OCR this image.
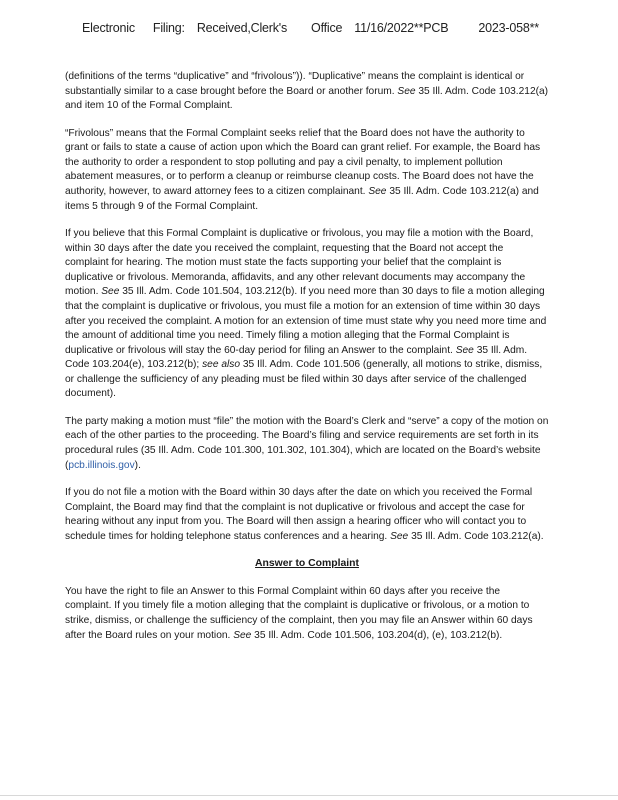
Electronic Filing: Received,Clerk's Office 11/16/2022**PCB 2023-058**

(definitions of the terms “duplicative” and “frivolous”)). “Duplicative” means the complaint is identical or substantially similar to a case brought before the Board or another forum. See 35 Ill. Adm. Code 103.212(a) and item 10 of the Formal Complaint.

“Frivolous” means that the Formal Complaint seeks relief that the Board does not have the authority to grant or fails to state a cause of action upon which the Board can grant relief. For example, the Board has the authority to order a respondent to stop polluting and pay a civil penalty, to implement pollution abatement measures, or to perform a cleanup or reimburse cleanup costs. The Board does not have the authority, however, to award attorney fees to a citizen complainant. See 35 Ill. Adm. Code 103.212(a) and items 5 through 9 of the Formal Complaint.

If you believe that this Formal Complaint is duplicative or frivolous, you may file a motion with the Board, within 30 days after the date you received the complaint, requesting that the Board not accept the complaint for hearing. The motion must state the facts supporting your belief that the complaint is duplicative or frivolous. Memoranda, affidavits, and any other relevant documents may accompany the motion. See 35 Ill. Adm. Code 101.504, 103.212(b). If you need more than 30 days to file a motion alleging that the complaint is duplicative or frivolous, you must file a motion for an extension of time within 30 days after you received the complaint. A motion for an extension of time must state why you need more time and the amount of additional time you need. Timely filing a motion alleging that the Formal Complaint is duplicative or frivolous will stay the 60-day period for filing an Answer to the complaint. See 35 Ill. Adm. Code 103.204(e), 103.212(b); see also 35 Ill. Adm. Code 101.506 (generally, all motions to strike, dismiss, or challenge the sufficiency of any pleading must be filed within 30 days after service of the challenged document).

The party making a motion must “file” the motion with the Board’s Clerk and “serve” a copy of the motion on each of the other parties to the proceeding. The Board’s filing and service requirements are set forth in its procedural rules (35 Ill. Adm. Code 101.300, 101.302, 101.304), which are located on the Board’s website (pcb.illinois.gov).

If you do not file a motion with the Board within 30 days after the date on which you received the Formal Complaint, the Board may find that the complaint is not duplicative or frivolous and accept the case for hearing without any input from you. The Board will then assign a hearing officer who will contact you to schedule times for holding telephone status conferences and a hearing. See 35 Ill. Adm. Code 103.212(a).

Answer to Complaint

You have the right to file an Answer to this Formal Complaint within 60 days after you receive the complaint. If you timely file a motion alleging that the complaint is duplicative or frivolous, or a motion to strike, dismiss, or challenge the sufficiency of the complaint, then you may file an Answer within 60 days after the Board rules on your motion. See 35 Ill. Adm. Code 101.506, 103.204(d), (e), 103.212(b).
